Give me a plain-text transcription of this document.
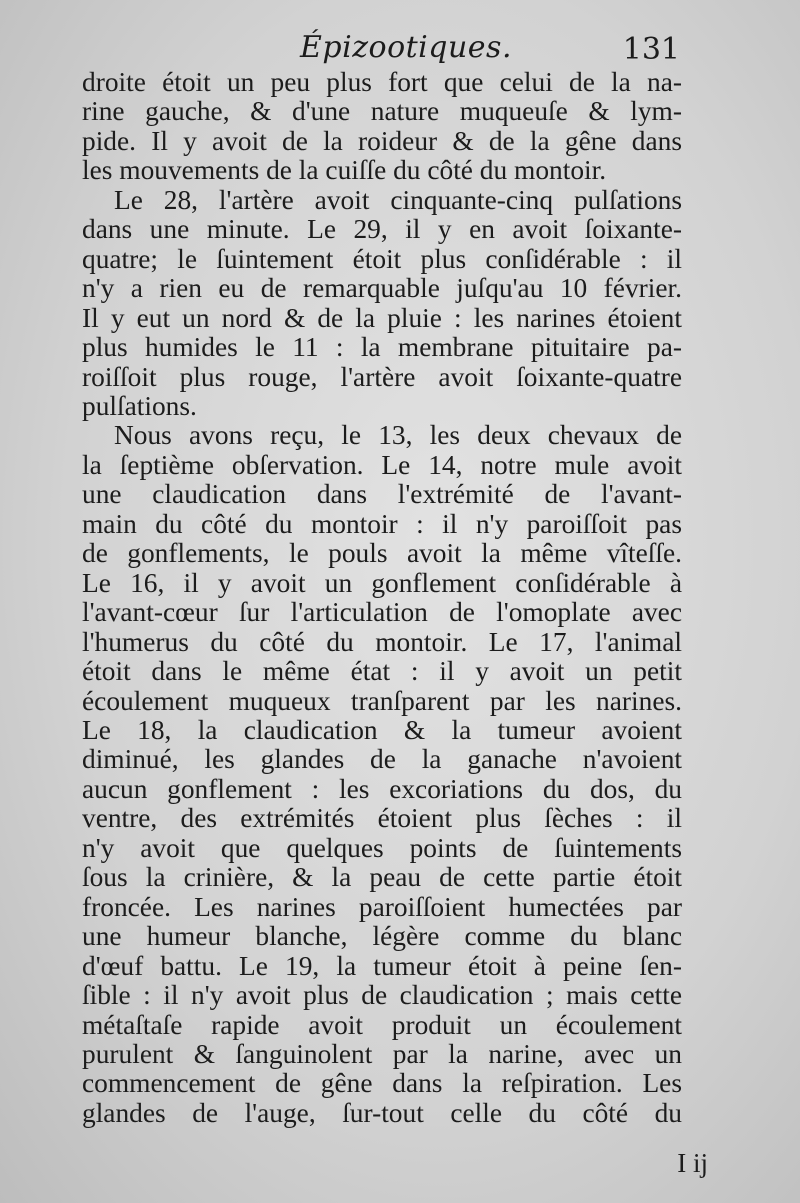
Épizootiques.	131
droite étoit un peu plus fort que celui de la na-
rine gauche, & d'une nature muqueuſe & lym-
pide. Il y avoit de la roideur & de la gêne dans
les mouvements de la cuiſſe du côté du montoir.
Le 28, l'artère avoit cinquante-cinq pulſations
dans une minute. Le 29, il y en avoit ſoixante-
quatre; le ſuintement étoit plus conſidérable : il
n'y a rien eu de remarquable juſqu'au 10 février.
Il y eut un nord & de la pluie : les narines étoient
plus humides le 11 : la membrane pituitaire pa-
roiſſoit plus rouge, l'artère avoit ſoixante-quatre
pulſations.
Nous avons reçu, le 13, les deux chevaux de
la ſeptième obſervation. Le 14, notre mule avoit
une claudication dans l'extrémité de l'avant-
main du côté du montoir : il n'y paroiſſoit pas
de gonflements, le pouls avoit la même vîteſſe.
Le 16, il y avoit un gonflement conſidérable à
l'avant-cœur ſur l'articulation de l'omoplate avec
l'humerus du côté du montoir. Le 17, l'animal
étoit dans le même état : il y avoit un petit
écoulement muqueux tranſparent par les narines.
Le 18, la claudication & la tumeur avoient
diminué, les glandes de la ganache n'avoient
aucun gonflement : les excoriations du dos, du
ventre, des extrémités étoient plus ſèches : il
n'y avoit que quelques points de ſuintements
ſous la crinière, & la peau de cette partie étoit
froncée. Les narines paroiſſoient humectées par
une humeur blanche, légère comme du blanc
d'œuf battu. Le 19, la tumeur étoit à peine ſen-
ſible : il n'y avoit plus de claudication ; mais cette
métaſtaſe rapide avoit produit un écoulement
purulent & ſanguinolent par la narine, avec un
commencement de gêne dans la reſpiration. Les
glandes de l'auge, ſur-tout celle du côté du
I ij
